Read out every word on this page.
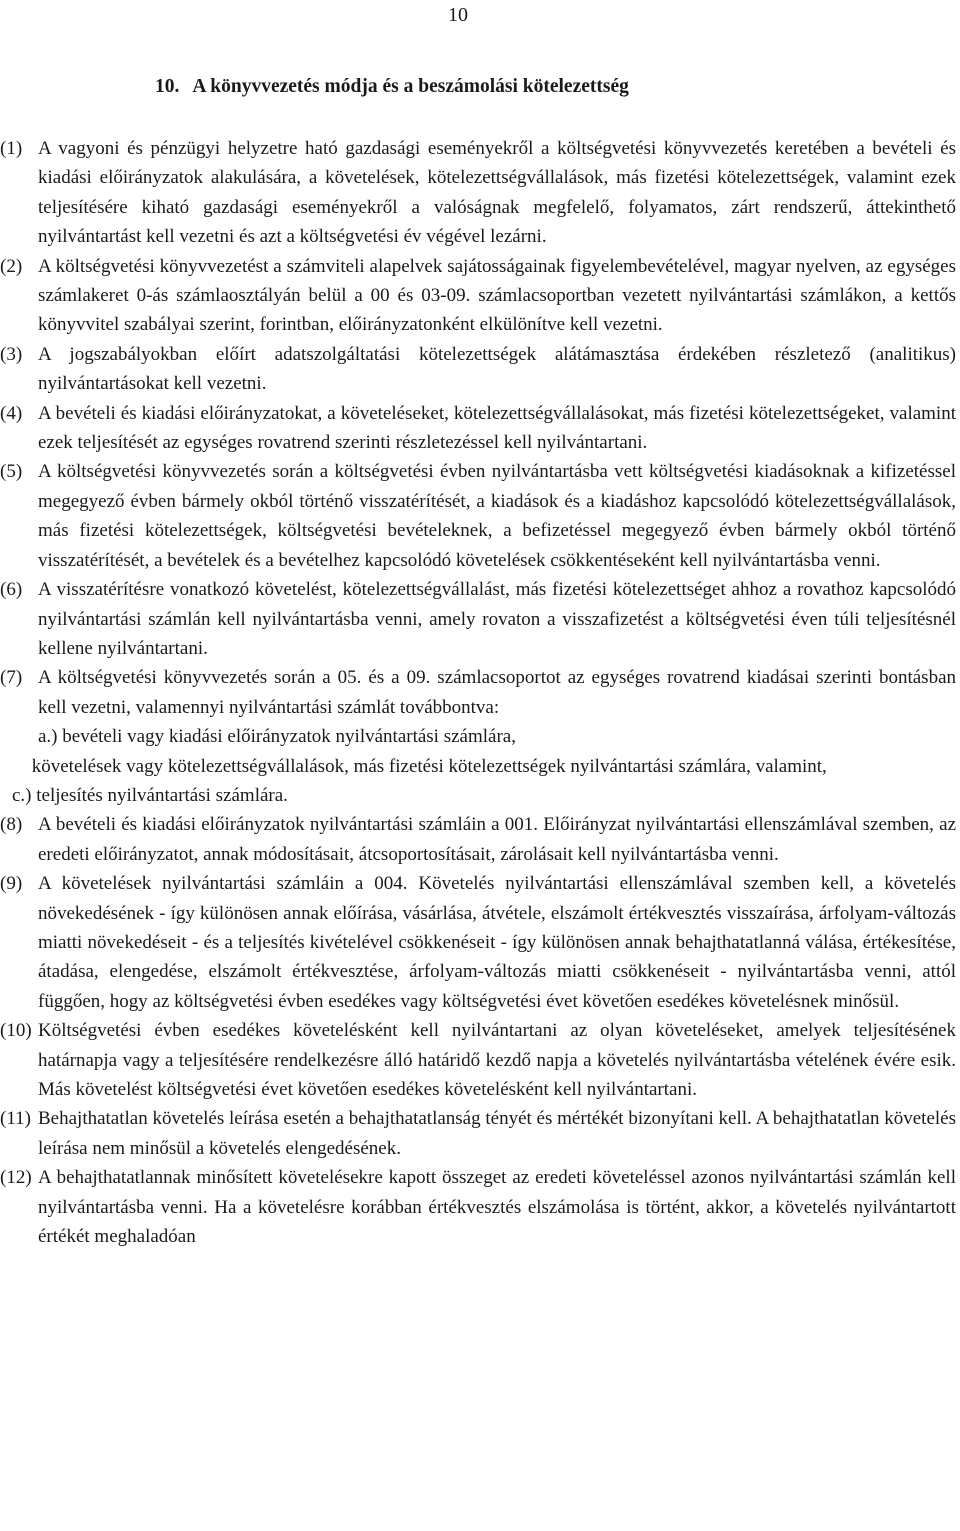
10
10. A könyvvezetés módja és a beszámolási kötelezettség

(1) A vagyoni és pénzügyi helyzetre ható gazdasági eseményekről a költségvetési könyvvezetés keretében a bevételi és kiadási előirányzatok alakulására, a követelések, kötelezettségvállalások, más fizetési kötelezettségek, valamint ezek teljesítésére kiható gazdasági eseményekről a valóságnak megfelelő, folyamatos, zárt rendszerű, áttekinthető nyilvántartást kell vezetni és azt a költségvetési év végével lezárni.

(2) A költségvetési könyvvezetést a számviteli alapelvek sajátosságainak figyelembevételével, magyar nyelven, az egységes számlakeret 0-ás számlaosztályán belül a 00 és 03-09. számlacsoportban vezetett nyilvántartási számlákon, a kettős könyvvitel szabályai szerint, forintban, előirányzatonként elkülönítve kell vezetni.

(3) A jogszabályokban előírt adatszolgáltatási kötelezettségek alátámasztása érdekében részletező (analitikus) nyilvántartásokat kell vezetni.

(4) A bevételi és kiadási előirányzatokat, a követeléseket, kötelezettségvállalásokat, más fizetési kötelezettségeket, valamint ezek teljesítését az egységes rovatrend szerinti részletezéssel kell nyilvántartani.

(5) A költségvetési könyvvezetés során a költségvetési évben nyilvántartásba vett költségvetési kiadásoknak a kifizetéssel megegyező évben bármely okból történő visszatérítését, a kiadások és a kiadáshoz kapcsolódó kötelezettségvállalások, más fizetési kötelezettségek, költségvetési bevételeknek, a befizetéssel megegyező évben bármely okból történő visszatérítését, a bevételek és a bevételhez kapcsolódó követelések csökkentéseként kell nyilvántartásba venni.

(6) A visszatérítésre vonatkozó követelést, kötelezettségvállalást, más fizetési kötelezettséget ahhoz a rovathoz kapcsolódó nyilvántartási számlán kell nyilvántartásba venni, amely rovaton a visszafizetést a költségvetési éven túli teljesítésnél kellene nyilvántartani.

(7) A költségvetési könyvvezetés során a 05. és a 09. számlacsoportot az egységes rovatrend kiadásai szerinti bontásban kell vezetni, valamennyi nyilvántartási számlát továbbontva:

a.) bevételi vagy kiadási előirányzatok nyilvántartási számlára,

követelések vagy kötelezettségvállalások, más fizetési kötelezettségek nyilvántartási számlára, valamint,

c.) teljesítés nyilvántartási számlára.

(8) A bevételi és kiadási előirányzatok nyilvántartási számláin a 001. Előirányzat nyilvántartási ellenszámlával szemben, az eredeti előirányzatot, annak módosításait, átcsoportosításait, zárolásait kell nyilvántartásba venni.

(9) A követelések nyilvántartási számláin a 004. Követelés nyilvántartási ellenszámlával szemben kell, a követelés növekedésének - így különösen annak előírása, vásárlása, átvétele, elszámolt értékvesztés visszaírása, árfolyam-változás miatti növekedéseit - és a teljesítés kivételével csökkenéseit - így különösen annak behajthatatlanná válása, értékesítése, átadása, elengedése, elszámolt értékvesztése, árfolyam-változás miatti csökkenéseit - nyilvántartásba venni, attól függően, hogy az költségvetési évben esedékes vagy költségvetési évet követően esedékes követelésnek minősül.

(10) Költségvetési évben esedékes követelésként kell nyilvántartani az olyan követeléseket, amelyek teljesítésének határnapja vagy a teljesítésére rendelkezésre álló határidő kezdő napja a követelés nyilvántartásba vételének évére esik. Más követelést költségvetési évet követően esedékes követelésként kell nyilvántartani.

(11) Behajthatatlan követelés leírása esetén a behajthatatlanság tényét és mértékét bizonyítani kell. A behajthatatlan követelés leírása nem minősül a követelés elengedésének.

(12) A behajthatatlannak minősített követelésekre kapott összeget az eredeti követeléssel azonos nyilvántartási számlán kell nyilvántartásba venni. Ha a követelésre korábban értékvesztés elszámolása is történt, akkor, a követelés nyilvántartott értékét meghaladóan
